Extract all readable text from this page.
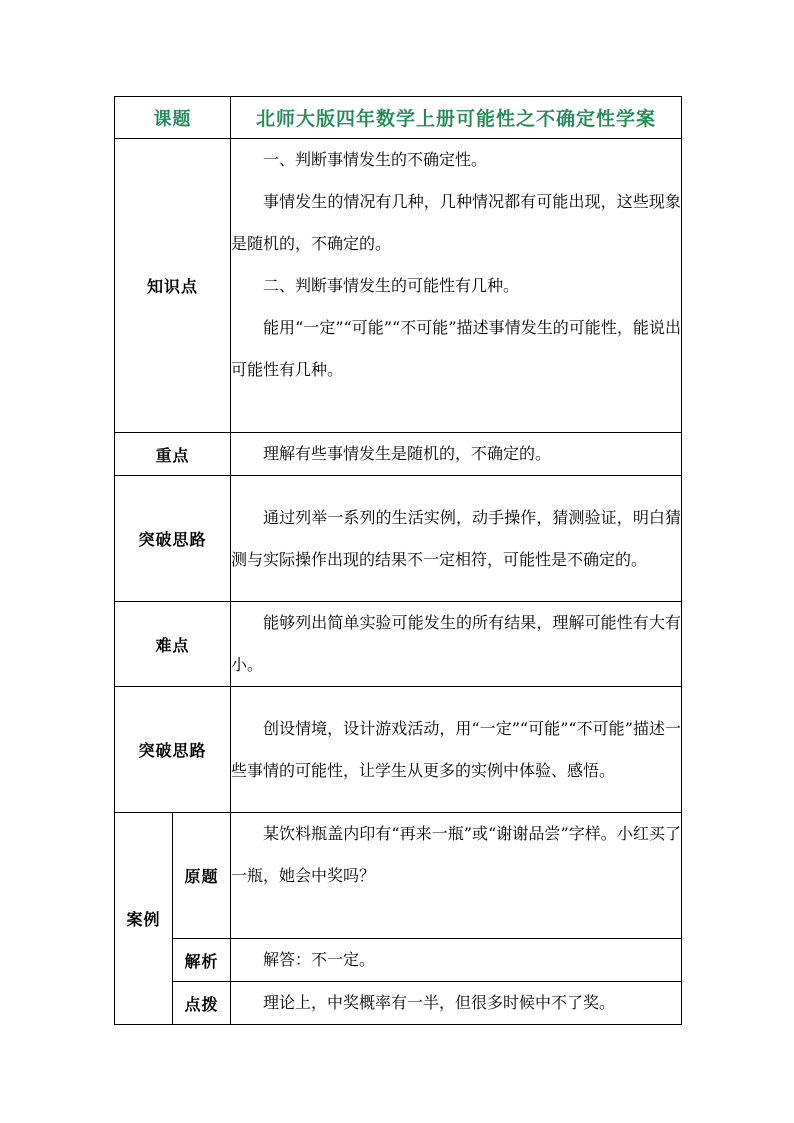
课题		北师大版四年数学上册可能性之不确定性学案
知识点		一、判断事情发生的不确定性。

事情发生的情况有几种，几种情况都有可能出现，这些现象是随机的，不确定的。

二、判断事情发生的可能性有几种。

能用“一定”“可能”“不可能”描述事情发生的可能性，能说出可能性有几种。

重点		理解有些事情发生是随机的，不确定的。

突破思路		通过列举一系列的生活实例，动手操作，猜测验证，明白猜测与实际操作出现的结果不一定相符，可能性是不确定的。

难点		能够列出简单实验可能发生的所有结果，理解可能性有大有小。

突破思路		创设情境，设计游戏活动，用“一定”“可能”“不可能”描述一些事情的可能性，让学生从更多的实例中体验、感悟。

案例	原题	某饮料瓶盖内印有“再来一瓶”或“谢谢品尝”字样。小红买了一瓶，她会中奖吗？

	解析	解答：不一定。

	点拨	理论上，中奖概率有一半，但很多时候中不了奖。
